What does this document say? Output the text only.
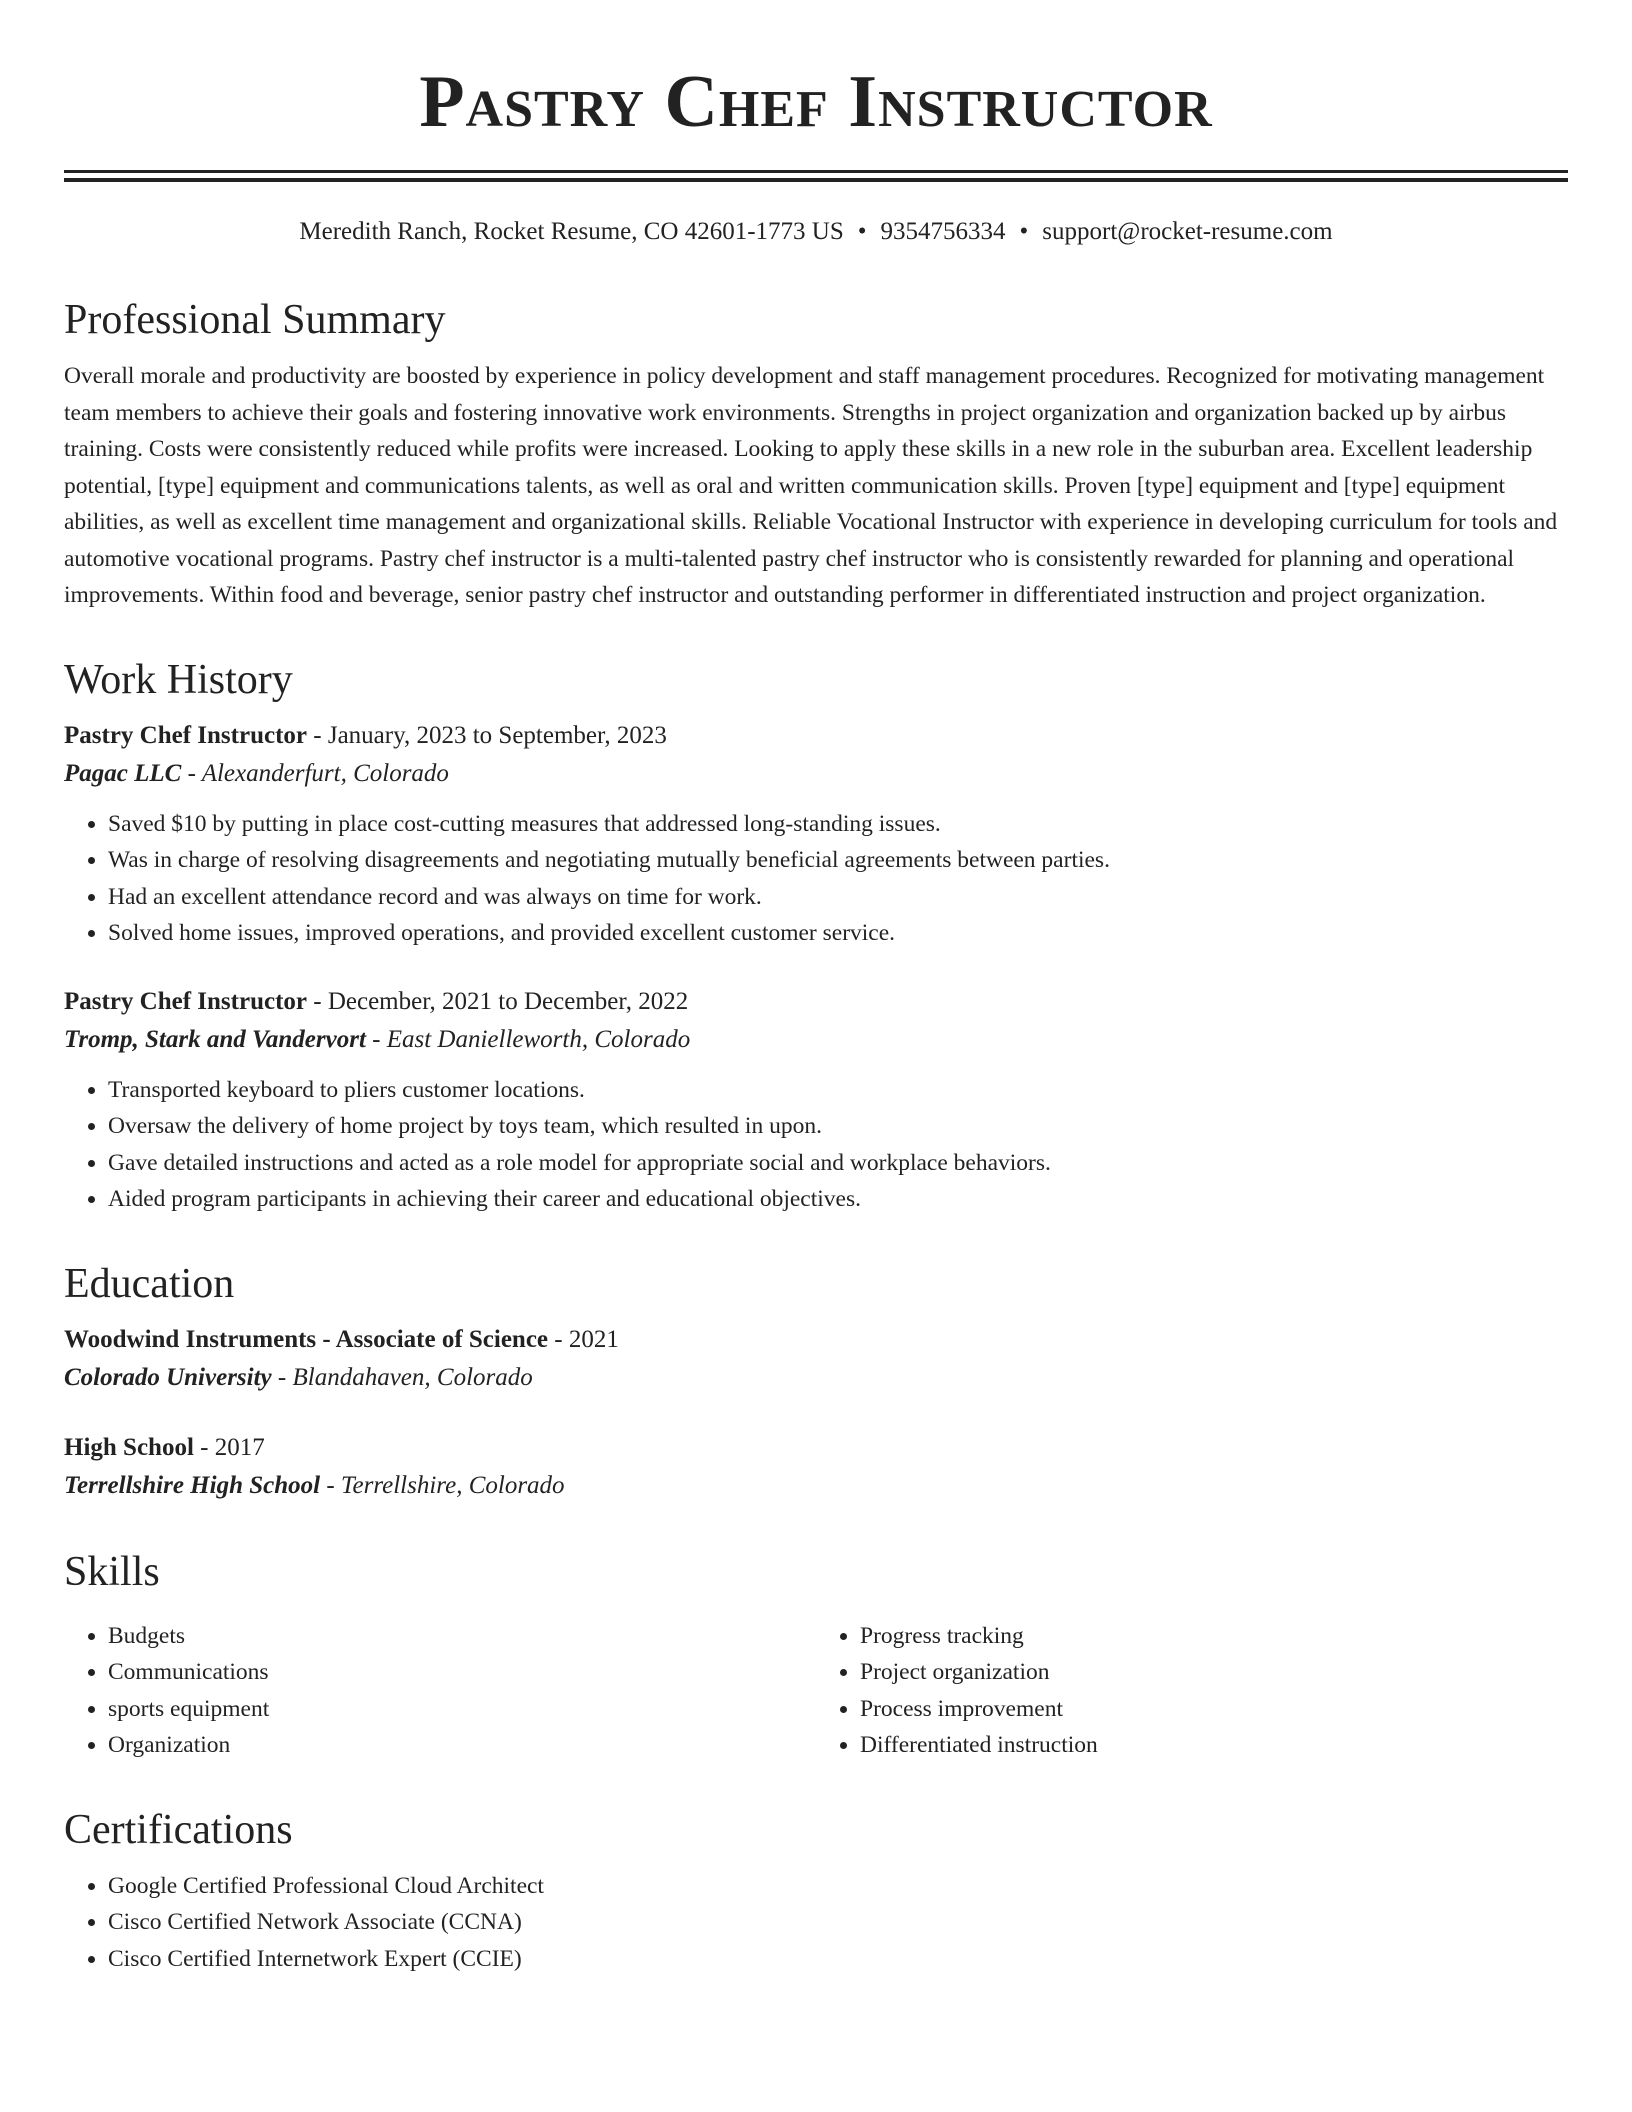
Pastry Chef Instructor
Meredith Ranch, Rocket Resume, CO 42601-1773 US • 9354756334 • support@rocket-resume.com
Professional Summary

Overall morale and productivity are boosted by experience in policy development and staff management procedures. Recognized for motivating management team members to achieve their goals and fostering innovative work environments. Strengths in project organization and organization backed up by airbus training. Costs were consistently reduced while profits were increased. Looking to apply these skills in a new role in the suburban area. Excellent leadership potential, [type] equipment and communications talents, as well as oral and written communication skills. Proven [type] equipment and [type] equipment abilities, as well as excellent time management and organizational skills. Reliable Vocational Instructor with experience in developing curriculum for tools and automotive vocational programs. Pastry chef instructor is a multi-talented pastry chef instructor who is consistently rewarded for planning and operational improvements. Within food and beverage, senior pastry chef instructor and outstanding performer in differentiated instruction and project organization.

Work History

Pastry Chef Instructor - January, 2023 to September, 2023

Pagac LLC - Alexanderfurt, Colorado

• Saved $10 by putting in place cost-cutting measures that addressed long-standing issues.
• Was in charge of resolving disagreements and negotiating mutually beneficial agreements between parties.
• Had an excellent attendance record and was always on time for work.
• Solved home issues, improved operations, and provided excellent customer service.

Pastry Chef Instructor - December, 2021 to December, 2022

Tromp, Stark and Vandervort - East Danielleworth, Colorado

• Transported keyboard to pliers customer locations.
• Oversaw the delivery of home project by toys team, which resulted in upon.
• Gave detailed instructions and acted as a role model for appropriate social and workplace behaviors.
• Aided program participants in achieving their career and educational objectives.
Education

Woodwind Instruments - Associate of Science - 2021

Colorado University - Blandahaven, Colorado

High School - 2017

Terrellshire High School - Terrellshire, Colorado

Skills
• Budgets
• Communications
• sports equipment
• Organization
• Progress tracking
• Project organization
• Process improvement
• Differentiated instruction
Certifications
• Google Certified Professional Cloud Architect
• Cisco Certified Network Associate (CCNA)
• Cisco Certified Internetwork Expert (CCIE)
